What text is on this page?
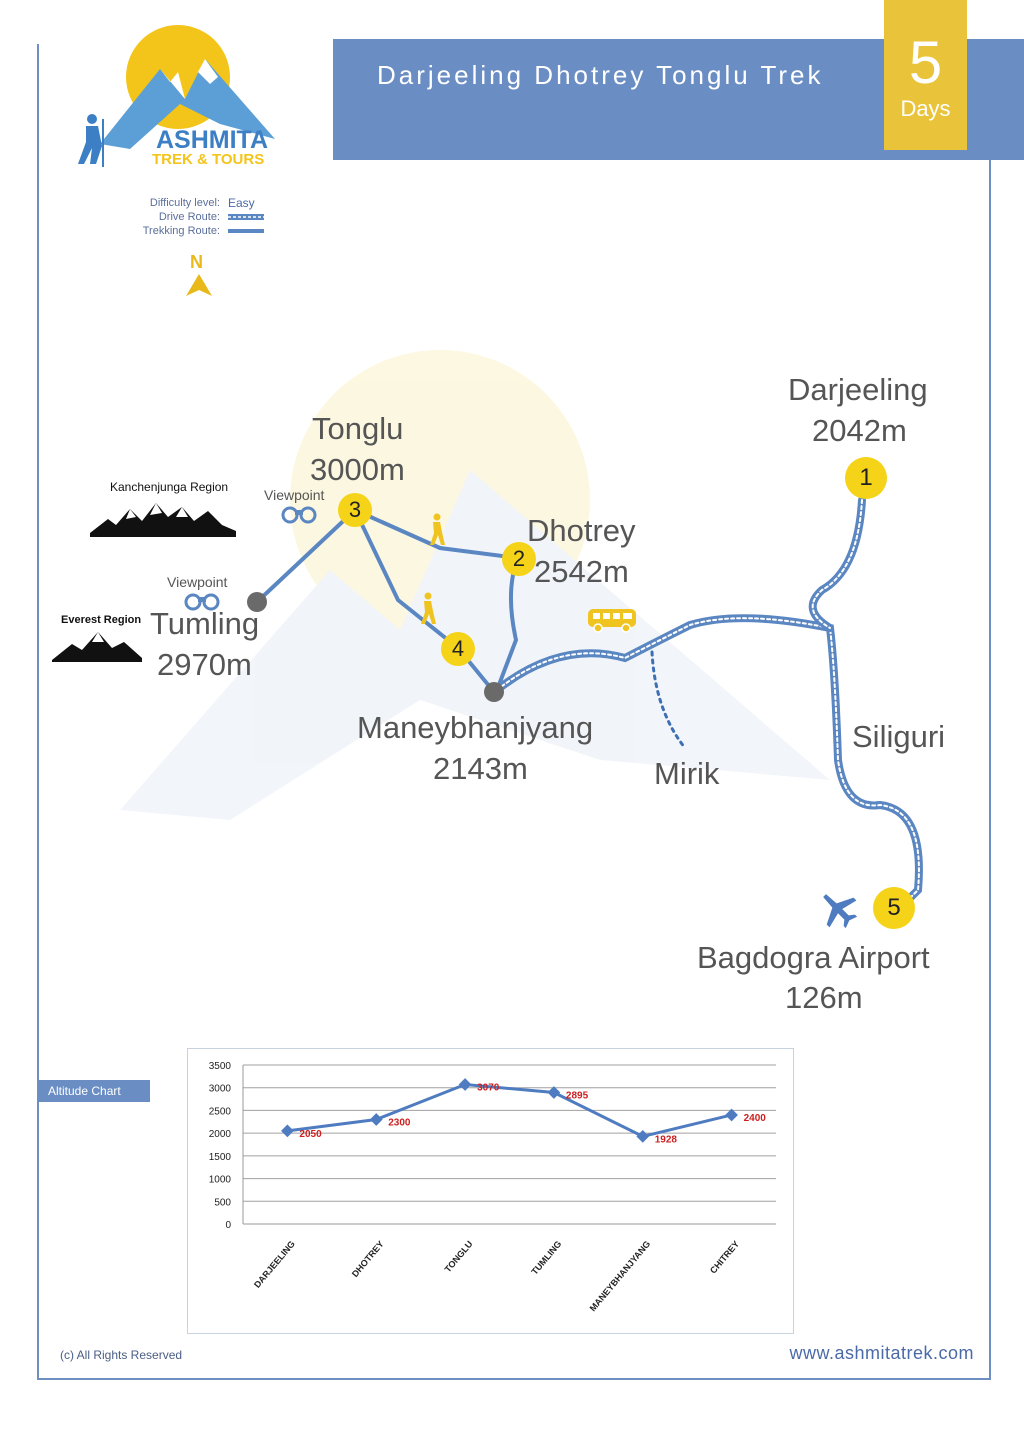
ASHMITA
TREK & TOURS
Darjeeling Dhotrey Tonglu Trek	5
Days
Difficulty level: Easy
Drive Route:
Trekking Route:
N
1
2
3
4
5
Darjeeling
2042m
Tonglu
3000m
Dhotrey
2542m
Tumling
2970m
Maneybhanjyang
2143m	Mirik
Siliguri
Bagdogra Airport
126m
Viewpoint
Viewpoint
Kanchenjunga Region
Everest Region
Altitude Chart
0
500
1000
1500
2000
2500
3000
3500
2050
2300
3070
2895
1928
2400
DARJEELING	DHOTREY	TONGLU	TUMLING	MANEYBHANJYANG	CHITREY
(c) All Rights Reserved	www.ashmitatrek.com
